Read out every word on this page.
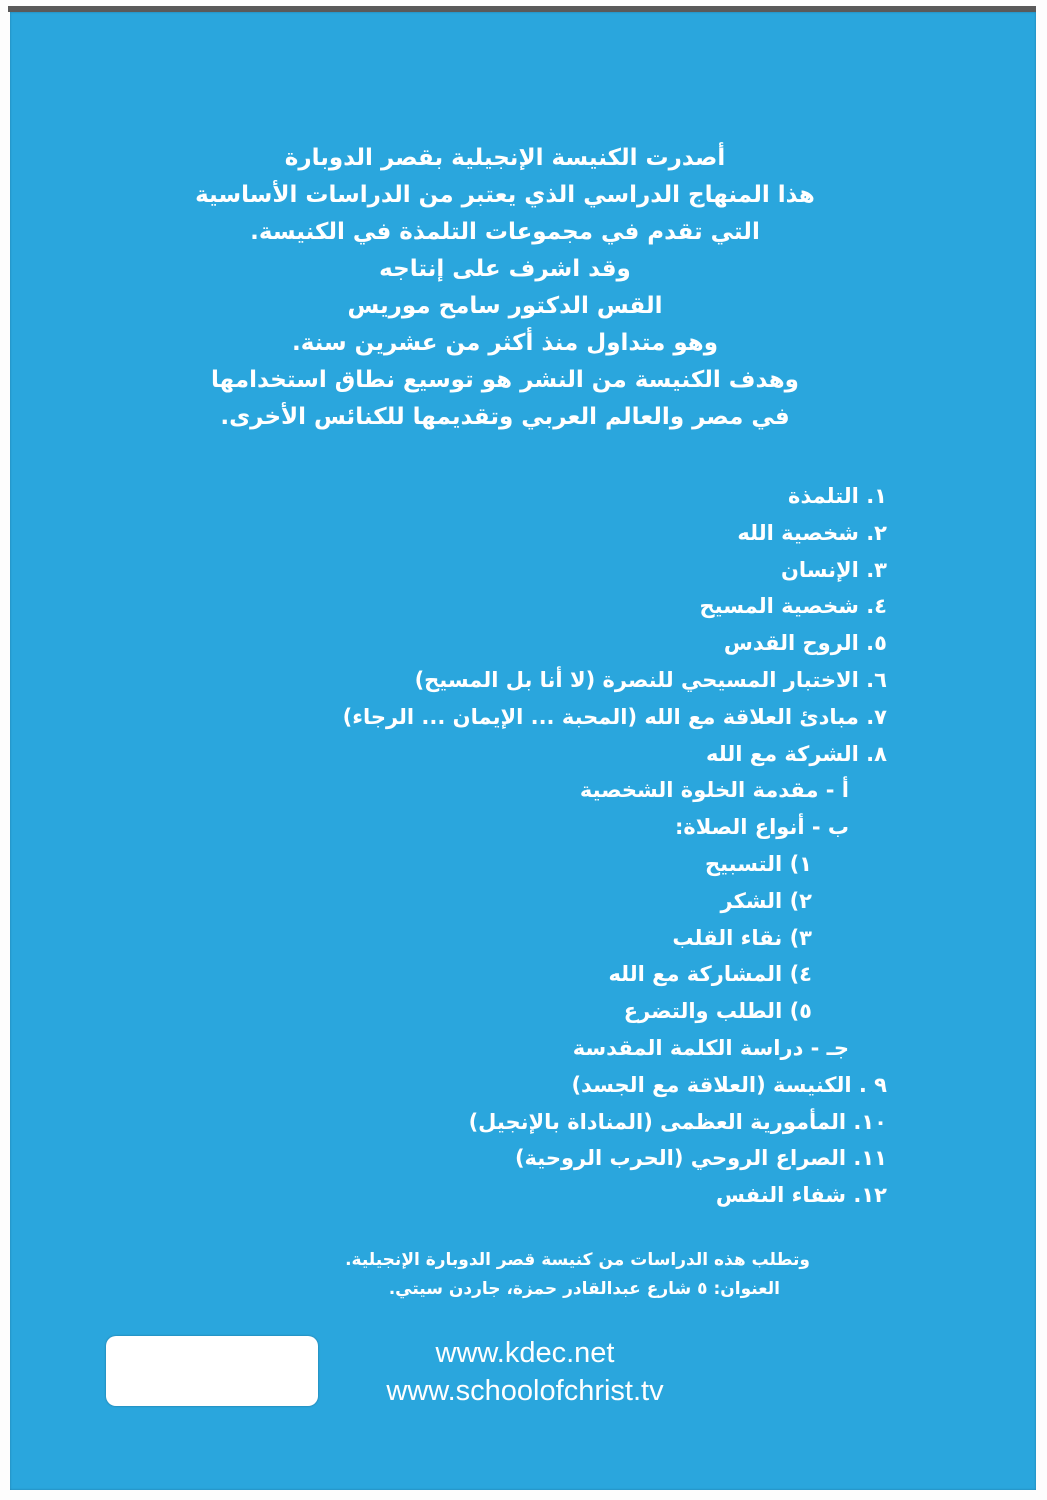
أصدرت الكنيسة الإنجيلية بقصر الدوبارة
هذا المنهاج الدراسي الذي يعتبر من الدراسات الأساسية
التي تقدم في مجموعات التلمذة في الكنيسة.
وقد اشرف على إنتاجه
القس الدكتور سامح موريس
وهو متداول منذ أكثر من عشرين سنة.
وهدف الكنيسة من النشر هو توسيع نطاق استخدامها
في مصر والعالم العربي وتقديمها للكنائس الأخرى.
١. التلمذة
٢. شخصية الله
٣. الإنسان
٤. شخصية المسيح
٥. الروح القدس
٦. الاختبار المسيحي للنصرة (لا أنا بل المسيح)
٧. مبادئ العلاقة مع الله (المحبة ... الإيمان ... الرجاء)
٨. الشركة مع الله
أ - مقدمة الخلوة الشخصية
ب - أنواع الصلاة:
١) التسبيح
٢) الشكر
٣) نقاء القلب
٤) المشاركة مع الله
٥) الطلب والتضرع
جـ - دراسة الكلمة المقدسة
٩ . الكنيسة (العلاقة مع الجسد)
١٠. المأمورية العظمى (المناداة بالإنجيل)
١١. الصراع الروحي (الحرب الروحية)
١٢. شفاء النفس
وتطلب هذه الدراسات من كنيسة قصر الدوبارة الإنجيلية.
العنوان: ٥ شارع عبدالقادر حمزة، جاردن سيتي.
www.kdec.net
www.schoolofchrist.tv
